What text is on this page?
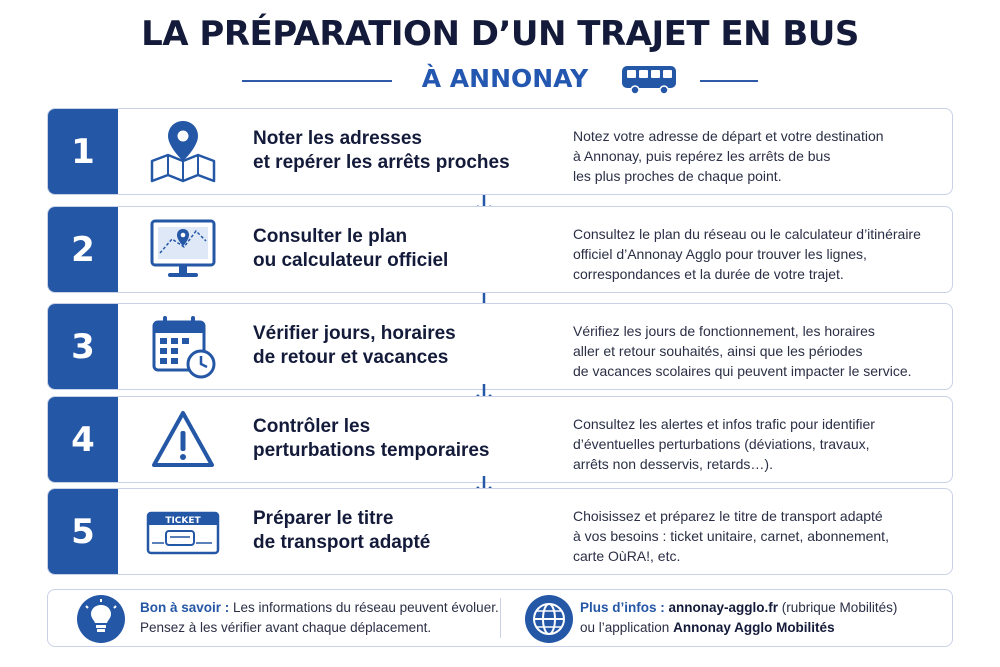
LA PRÉPARATION D’UN TRAJET EN BUS
À ANNONAY
1	Noter les adresses
et repérer les arrêts proches
Notez votre adresse de départ et votre destination
à Annonay, puis repérez les arrêts de bus
les plus proches de chaque point.
2	Consulter le plan
ou calculateur officiel
Consultez le plan du réseau ou le calculateur d’itinéraire
officiel d’Annonay Agglo pour trouver les lignes,
correspondances et la durée de votre trajet.
3	Vérifier jours, horaires
de retour et vacances
Vérifiez les jours de fonctionnement, les horaires
aller et retour souhaités, ainsi que les périodes
de vacances scolaires qui peuvent impacter le service.
4	Contrôler les
perturbations temporaires
Consultez les alertes et infos trafic pour identifier
d’éventuelles perturbations (déviations, travaux,
arrêts non desservis, retards…).
5	TICKET	Préparer le titre
de transport adapté
Choisissez et préparez le titre de transport adapté
à vos besoins : ticket unitaire, carnet, abonnement,
carte OùRA!, etc.
Bon à savoir : Les informations du réseau peuvent évoluer.
Pensez à les vérifier avant chaque déplacement.
Plus d’infos : annonay-agglo.fr (rubrique Mobilités)
ou l’application Annonay Agglo Mobilités
